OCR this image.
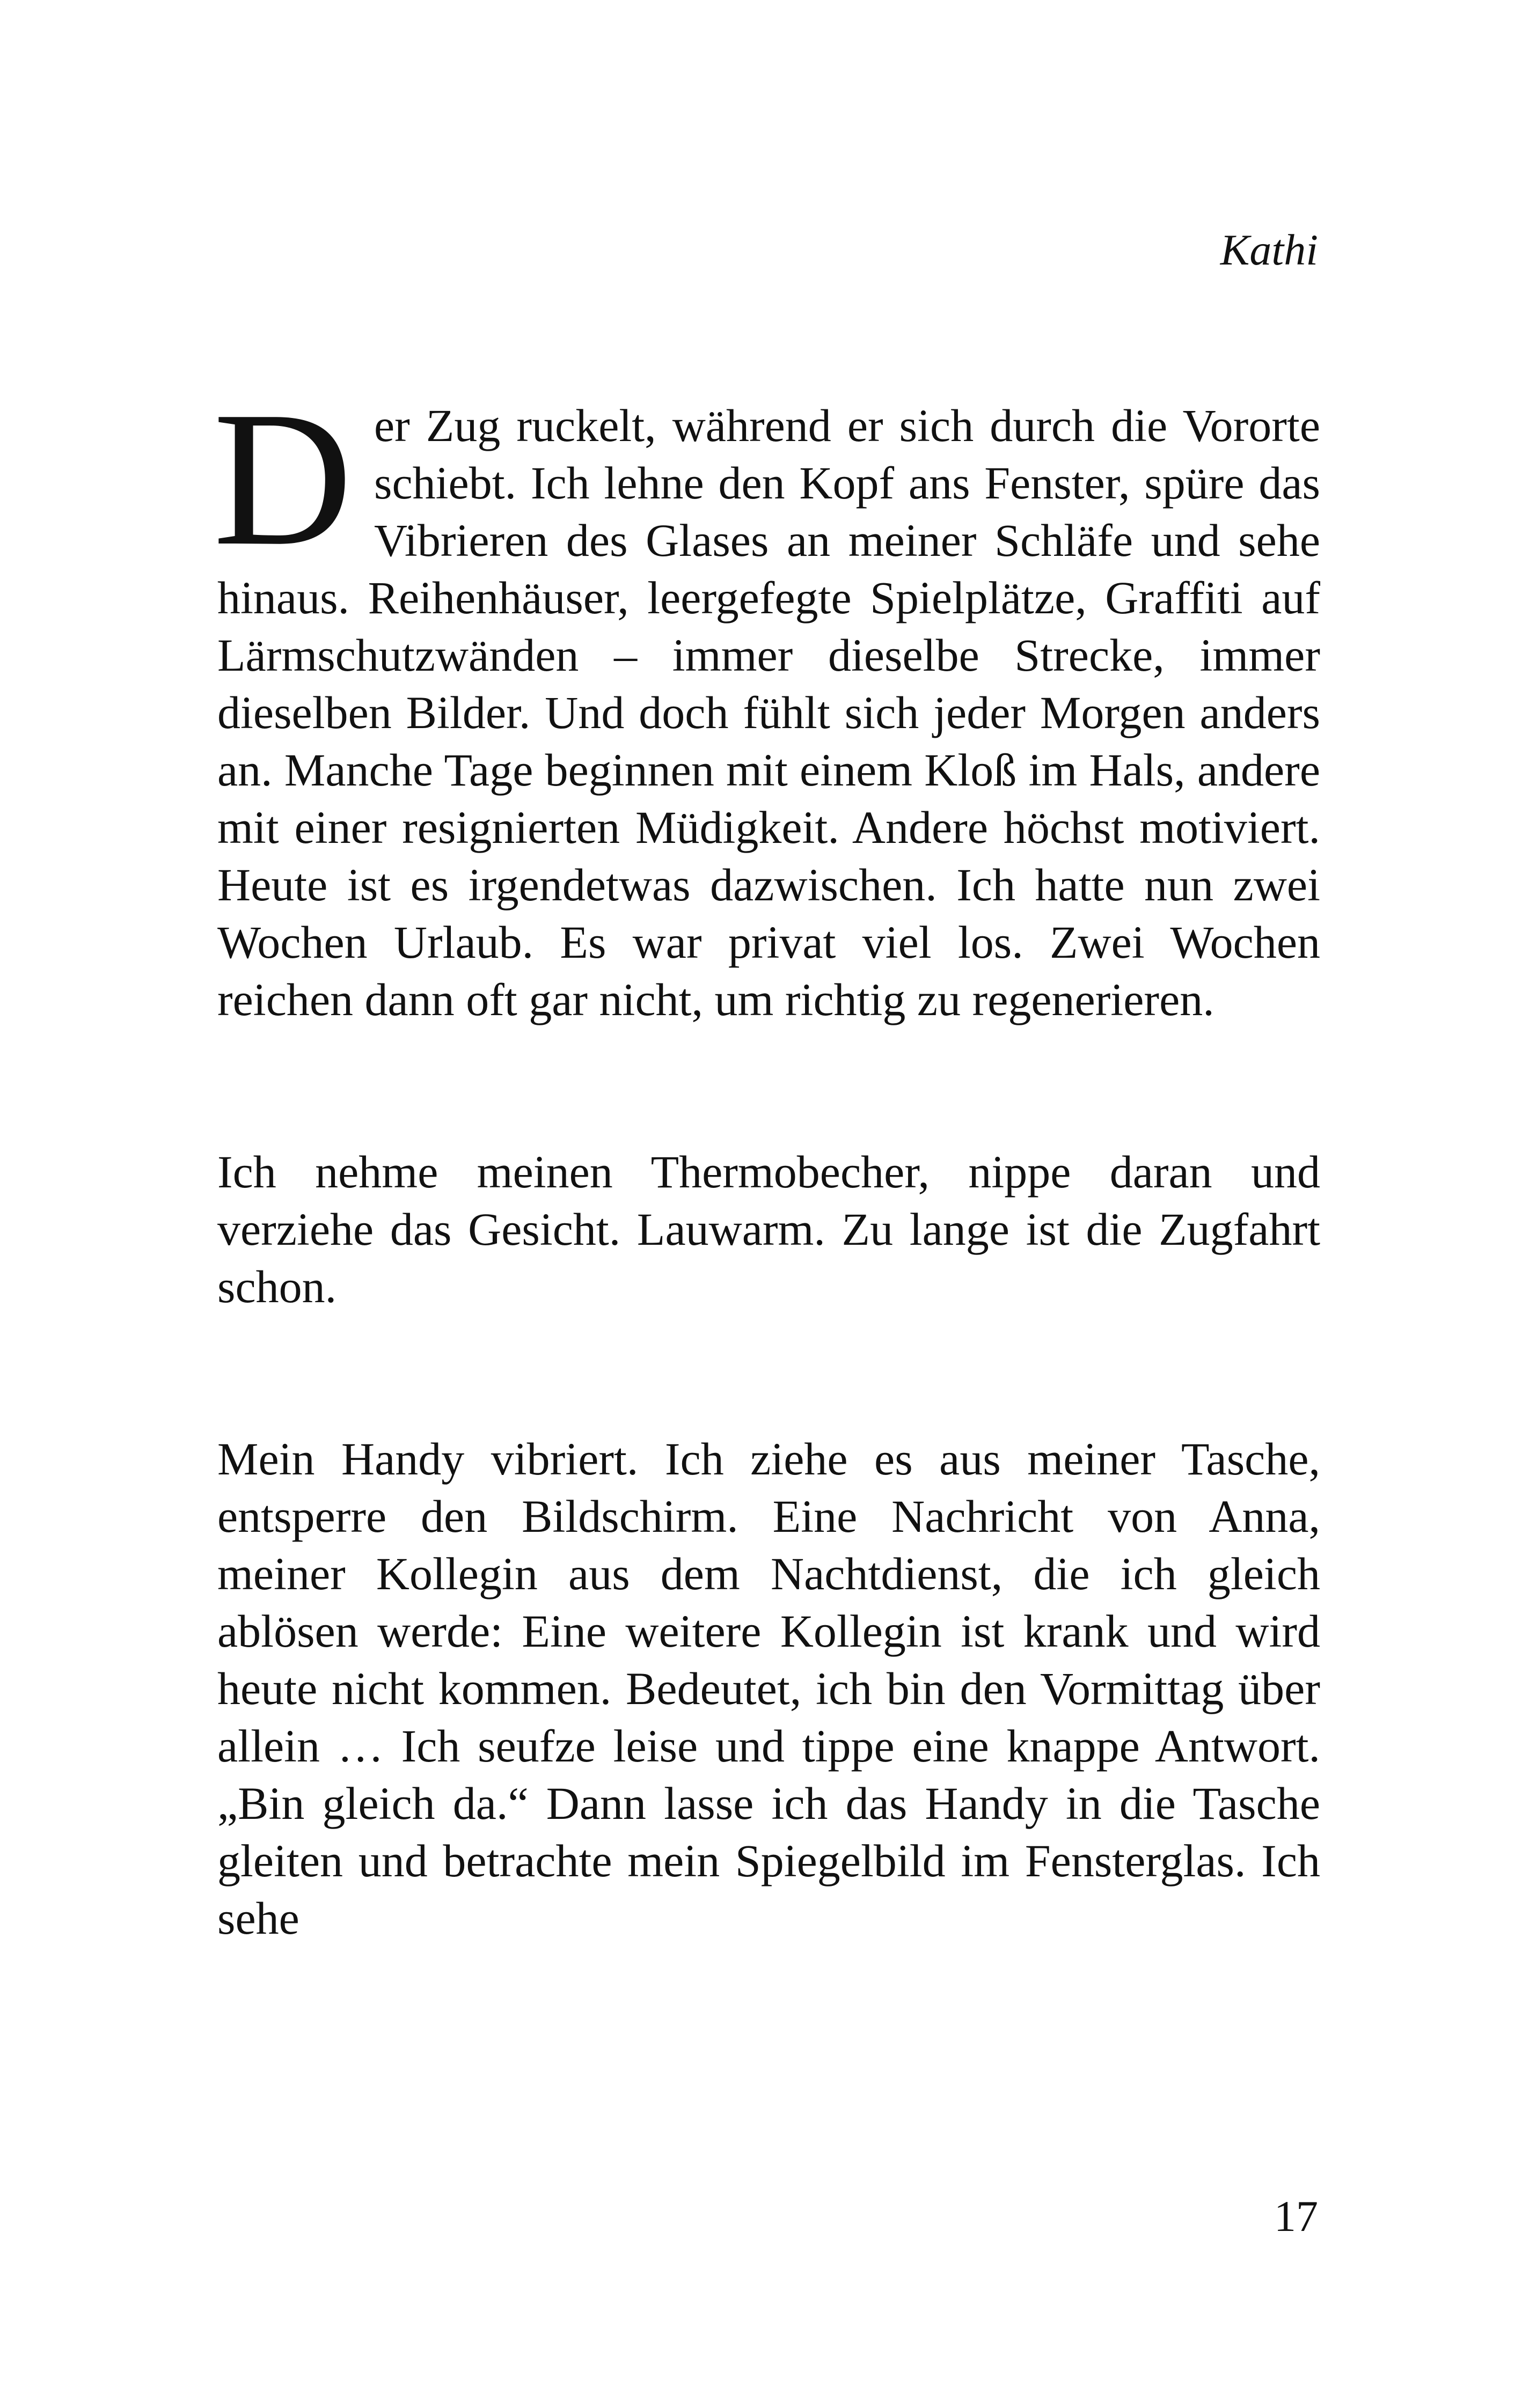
Kathi

Der Zug ruckelt, während er sich durch die Vororte schiebt. Ich lehne den Kopf ans Fenster, spüre das Vibrieren des Glases an meiner Schläfe und sehe hinaus. Reihenhäuser, leergefegte Spielplätze, Graffiti auf Lärmschutzwänden – immer dieselbe Strecke, immer dieselben Bilder. Und doch fühlt sich jeder Morgen anders an. Manche Tage beginnen mit einem Kloß im Hals, andere mit einer resignierten Müdigkeit. Andere höchst motiviert. Heute ist es irgendetwas dazwischen. Ich hatte nun zwei Wochen Urlaub. Es war privat viel los. Zwei Wochen reichen dann oft gar nicht, um richtig zu regenerieren.

Ich nehme meinen Thermobecher, nippe daran und verziehe das Gesicht. Lauwarm. Zu lange ist die Zugfahrt schon.

Mein Handy vibriert. Ich ziehe es aus meiner Tasche, entsperre den Bildschirm. Eine Nachricht von Anna, meiner Kollegin aus dem Nachtdienst, die ich gleich ablösen werde: Eine weitere Kollegin ist krank und wird heute nicht kommen. Bedeutet, ich bin den Vormittag über allein … Ich seufze leise und tippe eine knappe Antwort. „Bin gleich da.“ Dann lasse ich das Handy in die Tasche gleiten und betrachte mein Spiegelbild im Fensterglas. Ich sehe

17
